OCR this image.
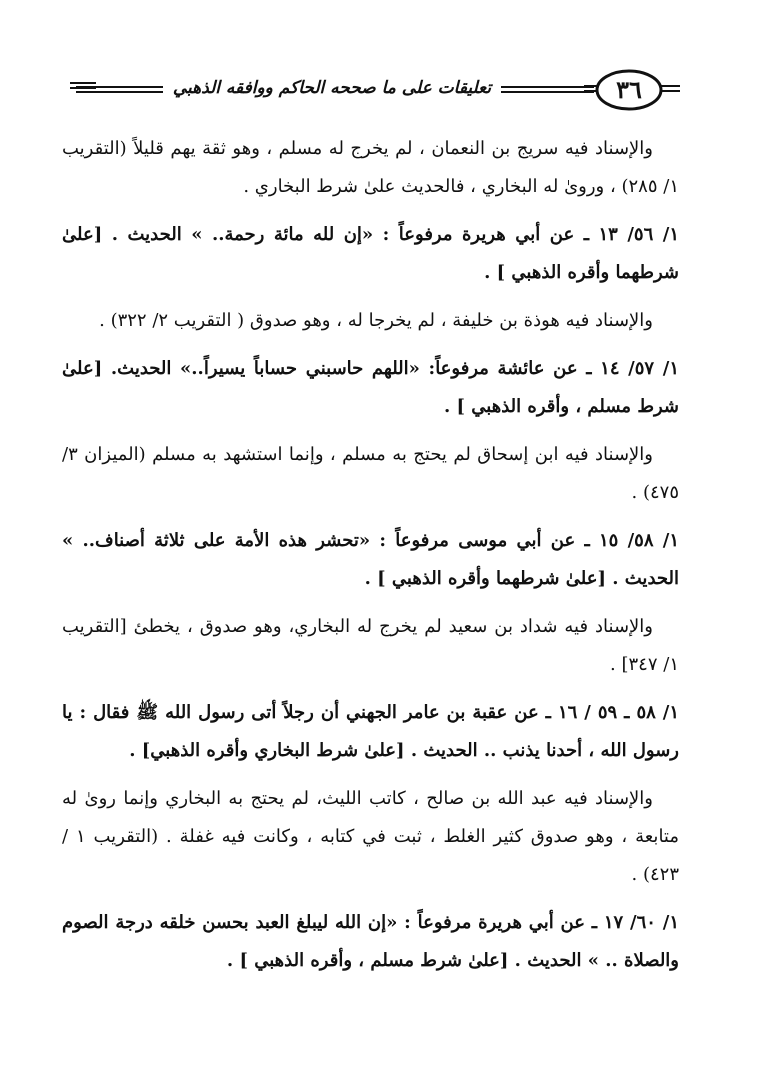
تعليقات على ما صححه الحاكم ووافقه الذهبي	٣٦

والإسناد فيه سريج بن النعمان ، لم يخرج له مسلم ، وهو ثقة يهم قليلاً (التقريب ١/ ٢٨٥) ، وروىٰ له البخاري ، فالحديث علىٰ شرط البخاري .

١/ ٥٦/ ١٣ ـ عن أبي هريرة مرفوعاً : «إن لله مائة رحمة.. » الحديث . [علىٰ شرطهما وأقره الذهبي ] .

والإسناد فيه هوذة بن خليفة ، لم يخرجا له ، وهو صدوق ( التقريب ٢/ ٣٢٢) .

١/ ٥٧/ ١٤ ـ عن عائشة مرفوعاً: «اللهم حاسبني حساباً يسيراً..» الحديث. [علىٰ شرط مسلم ، وأقره الذهبي ] .

والإسناد فيه ابن إسحاق لم يحتج به مسلم ، وإنما استشهد به مسلم (الميزان ٣/ ٤٧٥) .

١/ ٥٨/ ١٥ ـ عن أبي موسى مرفوعاً : «تحشر هذه الأمة على ثلاثة أصناف.. » الحديث . [علىٰ شرطهما وأقره الذهبي ] .

والإسناد فيه شداد بن سعيد لم يخرج له البخاري، وهو صدوق ، يخطئ [التقريب ١/ ٣٤٧] .

١/ ٥٨ ـ ٥٩ / ١٦ ـ عن عقبة بن عامر الجهني أن رجلاً أتى رسول الله ﷺ فقال : يا رسول الله ، أحدنا يذنب .. الحديث . [علىٰ شرط البخاري وأقره الذهبي] .

والإسناد فيه عبد الله بن صالح ، كاتب الليث، لم يحتج به البخاري وإنما روىٰ له متابعة ، وهو صدوق كثير الغلط ، ثبت في كتابه ، وكانت فيه غفلة . (التقريب ١ / ٤٢٣) .

١/ ٦٠/ ١٧ ـ عن أبي هريرة مرفوعاً : «إن الله ليبلغ العبد بحسن خلقه درجة الصوم والصلاة .. » الحديث . [علىٰ شرط مسلم ، وأقره الذهبي ] .
